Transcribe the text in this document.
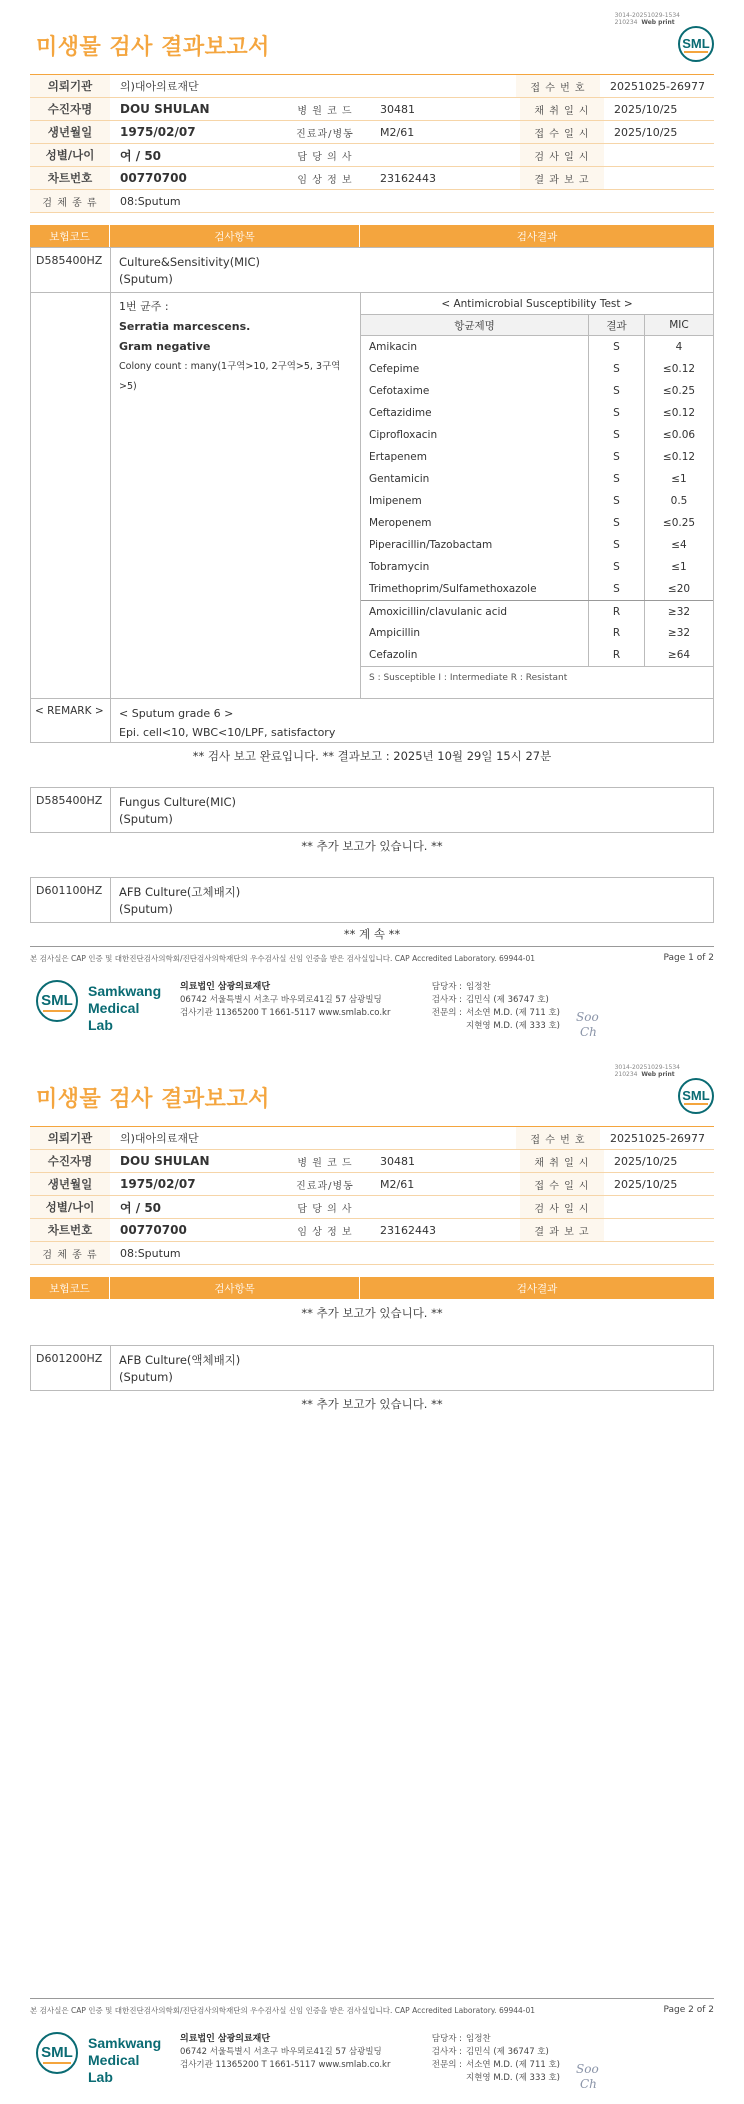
3014-20251029-1534
210234 Web print
미생물 검사 결과보고서	SML
의뢰기관	의)대아의료재단	접 수 번 호	20251025-26977
수진자명	DOU SHULAN	병 원 코 드	30481	채 취 일 시	2025/10/25
생년월일	1975/02/07	진료과/병동	M2/61	접 수 일 시	2025/10/25
성별/나이	여 / 50	담 당 의 사	검 사 일 시
차트번호	00770700	임 상 정 보	23162443	결 과 보 고
검 체 종 류	08:Sputum
보험코드	검사항목	검사결과
D585400HZ	Culture&Sensitivity(MIC)
(Sputum)
1번 균주 :
Serratia marcescens.
Gram negative
Colony count : many(1구역>10, 2구역>5, 3구역>5)
< Antimicrobial Susceptibility Test >
항균제명	결과	MIC
Amikacin	S	4
Cefepime	S	≤0.12
Cefotaxime	S	≤0.25
Ceftazidime	S	≤0.12
Ciprofloxacin	S	≤0.06
Ertapenem	S	≤0.12
Gentamicin	S	≤1
Imipenem	S	0.5
Meropenem	S	≤0.25
Piperacillin/Tazobactam	S	≤4
Tobramycin	S	≤1
Trimethoprim/Sulfamethoxazole	S	≤20
Amoxicillin/clavulanic acid	R	≥32
Ampicillin	R	≥32
Cefazolin	R	≥64
S : Susceptible I : Intermediate R : Resistant
< REMARK >	< Sputum grade 6 >
Epi. cell<10, WBC<10/LPF, satisfactory
** 검사 보고 완료입니다. ** 결과보고 : 2025년 10월 29일 15시 27분
D585400HZ	Fungus Culture(MIC)
(Sputum)
** 추가 보고가 있습니다. **
D601100HZ	AFB Culture(고체배지)
(Sputum)
** 계 속 **
본 검사실은 CAP 인증 및 대한진단검사의학회/진단검사의학재단의 우수검사실 신임 인증을 받은 검사실입니다. CAP Accredited Laboratory. 69944-01	Page 1 of 2
SML
Samkwang
Medical Lab
의료법인 삼광의료재단
06742 서울특별시 서초구 바우뫼로41길 57 삼광빌딩
검사기관 11365200 T 1661-5117 www.smlab.co.kr
담당자 : 임정찬
검사자 : 김민식 (제 36747 호)
전문의 : 서소연 M.D. (제 711 호)
지현영 M.D. (제 333 호)
Soo
Ch
3014-20251029-1534
210234 Web print
미생물 검사 결과보고서	SML
의뢰기관	의)대아의료재단	접 수 번 호	20251025-26977
수진자명	DOU SHULAN	병 원 코 드	30481	채 취 일 시	2025/10/25
생년월일	1975/02/07	진료과/병동	M2/61	접 수 일 시	2025/10/25
성별/나이	여 / 50	담 당 의 사	검 사 일 시
차트번호	00770700	임 상 정 보	23162443	결 과 보 고
검 체 종 류	08:Sputum
보험코드	검사항목	검사결과
** 추가 보고가 있습니다. **
D601200HZ	AFB Culture(액체배지)
(Sputum)
** 추가 보고가 있습니다. **
본 검사실은 CAP 인증 및 대한진단검사의학회/진단검사의학재단의 우수검사실 신임 인증을 받은 검사실입니다. CAP Accredited Laboratory. 69944-01	Page 2 of 2
SML
Samkwang
Medical Lab
의료법인 삼광의료재단
06742 서울특별시 서초구 바우뫼로41길 57 삼광빌딩
검사기관 11365200 T 1661-5117 www.smlab.co.kr
담당자 : 임정찬
검사자 : 김민식 (제 36747 호)
전문의 : 서소연 M.D. (제 711 호)
지현영 M.D. (제 333 호)
Soo
Ch
